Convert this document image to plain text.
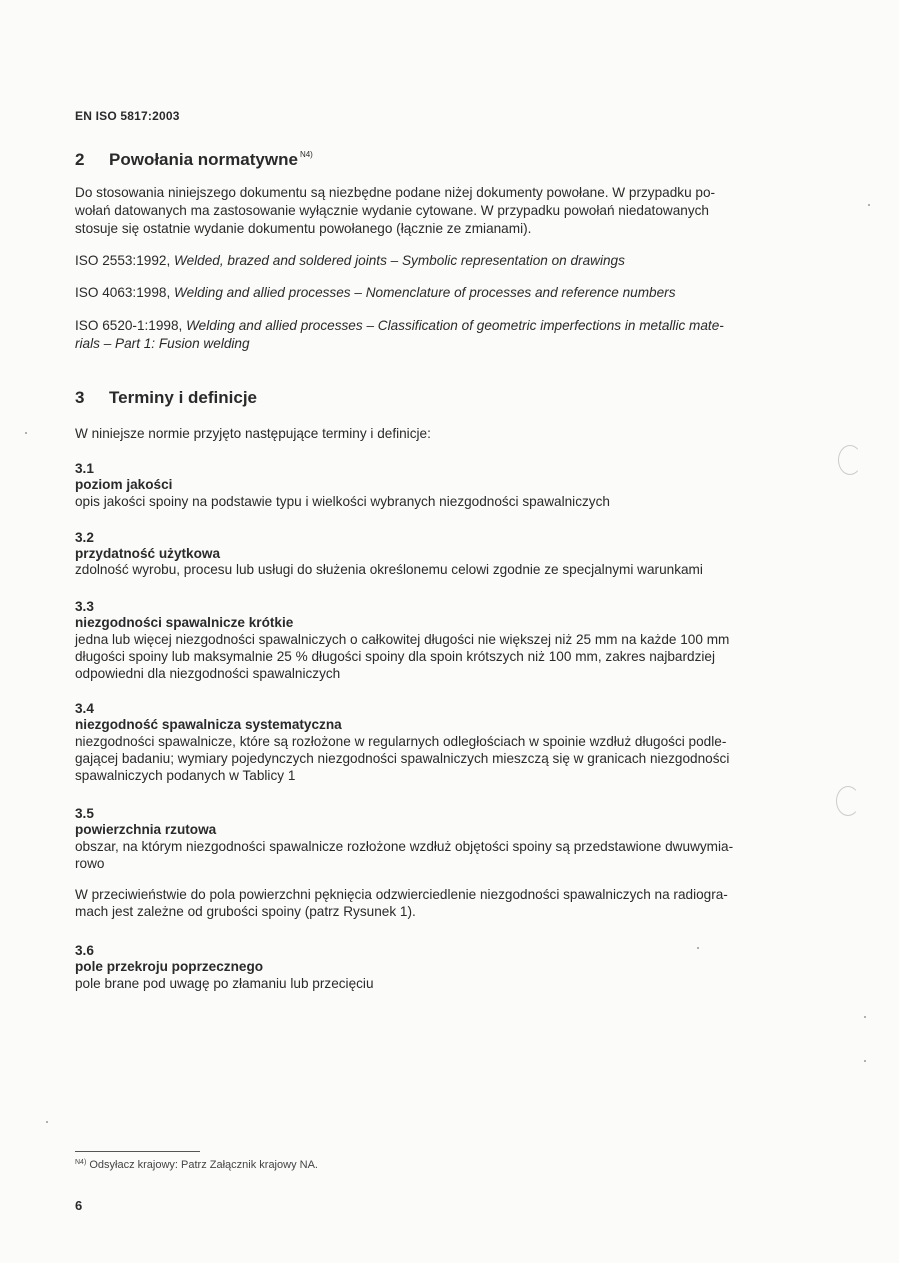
EN ISO 5817:2003
2 Powołania normatywne $^{N4)}$
Do stosowania niniejszego dokumentu są niezbędne podane niżej dokumenty powołane. W przypadku po-
wołań datowanych ma zastosowanie wyłącznie wydanie cytowane. W przypadku powołań niedatowanych
stosuje się ostatnie wydanie dokumentu powołanego (łącznie ze zmianami).
ISO 2553:1992, Welded, brazed and soldered joints – Symbolic representation on drawings
ISO 4063:1998, Welding and allied processes – Nomenclature of processes and reference numbers
ISO 6520-1:1998, Welding and allied processes – Classification of geometric imperfections in metallic mate-
rials – Part 1: Fusion welding
3 Terminy i definicje
W niniejsze normie przyjęto następujące terminy i definicje:
3.1
poziom jakości
opis jakości spoiny na podstawie typu i wielkości wybranych niezgodności spawalniczych
3.2
przydatność użytkowa
zdolność wyrobu, procesu lub usługi do służenia określonemu celowi zgodnie ze specjalnymi warunkami
3.3
niezgodności spawalnicze krótkie
jedna lub więcej niezgodności spawalniczych o całkowitej długości nie większej niż 25 mm na każde 100 mm
długości spoiny lub maksymalnie 25 % długości spoiny dla spoin krótszych niż 100 mm, zakres najbardziej
odpowiedni dla niezgodności spawalniczych
3.4
niezgodność spawalnicza systematyczna
niezgodności spawalnicze, które są rozłożone w regularnych odległościach w spoinie wzdłuż długości podle-
gającej badaniu; wymiary pojedynczych niezgodności spawalniczych mieszczą się w granicach niezgodności
spawalniczych podanych w Tablicy 1
3.5
powierzchnia rzutowa
obszar, na którym niezgodności spawalnicze rozłożone wzdłuż objętości spoiny są przedstawione dwuwymia-
rowo
W przeciwieństwie do pola powierzchni pęknięcia odzwierciedlenie niezgodności spawalniczych na radiogra-
mach jest zależne od grubości spoiny (patrz Rysunek 1).
3.6
pole przekroju poprzecznego
pole brane pod uwagę po złamaniu lub przecięciu
$^{N4)}$ Odsyłacz krajowy: Patrz Załącznik krajowy NA.
6
